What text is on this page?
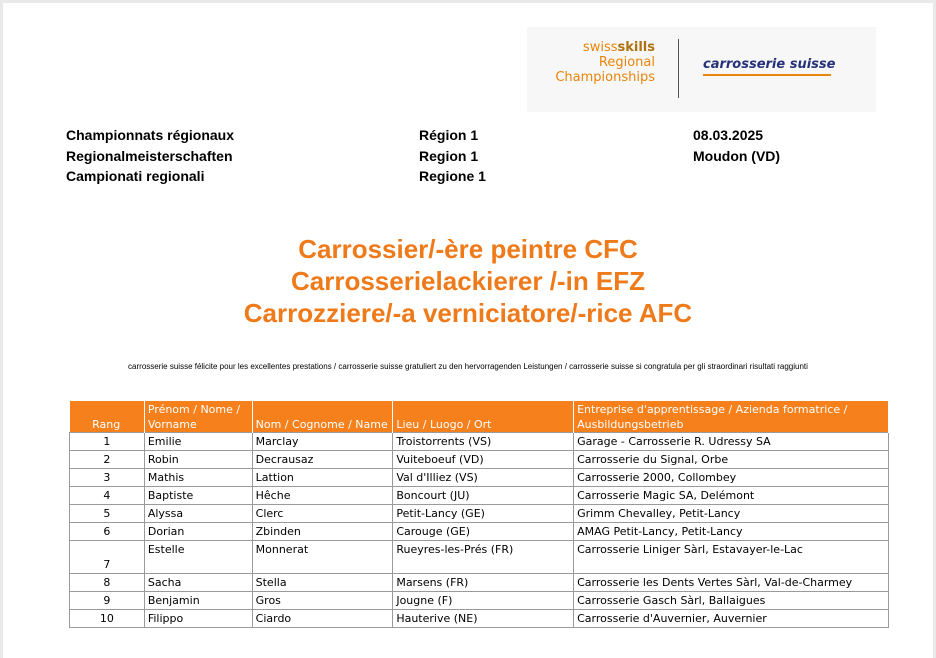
swissskills
Regional
Championships
carrosserie suisse
Championnats régionaux
Regionalmeisterschaften
Campionati regionali
Région 1
Region 1
Regione 1
08.03.2025
Moudon (VD)
Carrossier/-ère peintre CFC
Carrosserielackierer /-in EFZ
Carrozziere/-a verniciatore/-rice AFC
carrosserie suisse félicite pour les excellentes prestations / carrosserie suisse gratuliert zu den hervorragenden Leistungen / carrosserie suisse si congratula per gli straordinari risultati raggiunti
Rang	Prénom / Nome / Vorname	Nom / Cognome / Name	Lieu / Luogo / Ort	Entreprise d'apprentissage / Azienda formatrice / Ausbildungsbetrieb
1	Emilie	Marclay	Troistorrents (VS)	Garage - Carrosserie R. Udressy SA
2	Robin	Decrausaz	Vuiteboeuf (VD)	Carrosserie du Signal, Orbe
3	Mathis	Lattion	Val d'Illiez (VS)	Carrosserie 2000, Collombey
4	Baptiste	Hêche	Boncourt (JU)	Carrosserie Magic SA, Delémont
5	Alyssa	Clerc	Petit-Lancy (GE)	Grimm Chevalley, Petit-Lancy
6	Dorian	Zbinden	Carouge (GE)	AMAG Petit-Lancy, Petit-Lancy
7	Estelle	Monnerat	Rueyres-les-Prés (FR)	Carrosserie Liniger Sàrl, Estavayer-le-Lac
8	Sacha	Stella	Marsens (FR)	Carrosserie les Dents Vertes Sàrl, Val-de-Charmey
9	Benjamin	Gros	Jougne (F)	Carrosserie Gasch Sàrl, Ballaigues
10	Filippo	Ciardo	Hauterive (NE)	Carrosserie d'Auvernier, Auvernier
